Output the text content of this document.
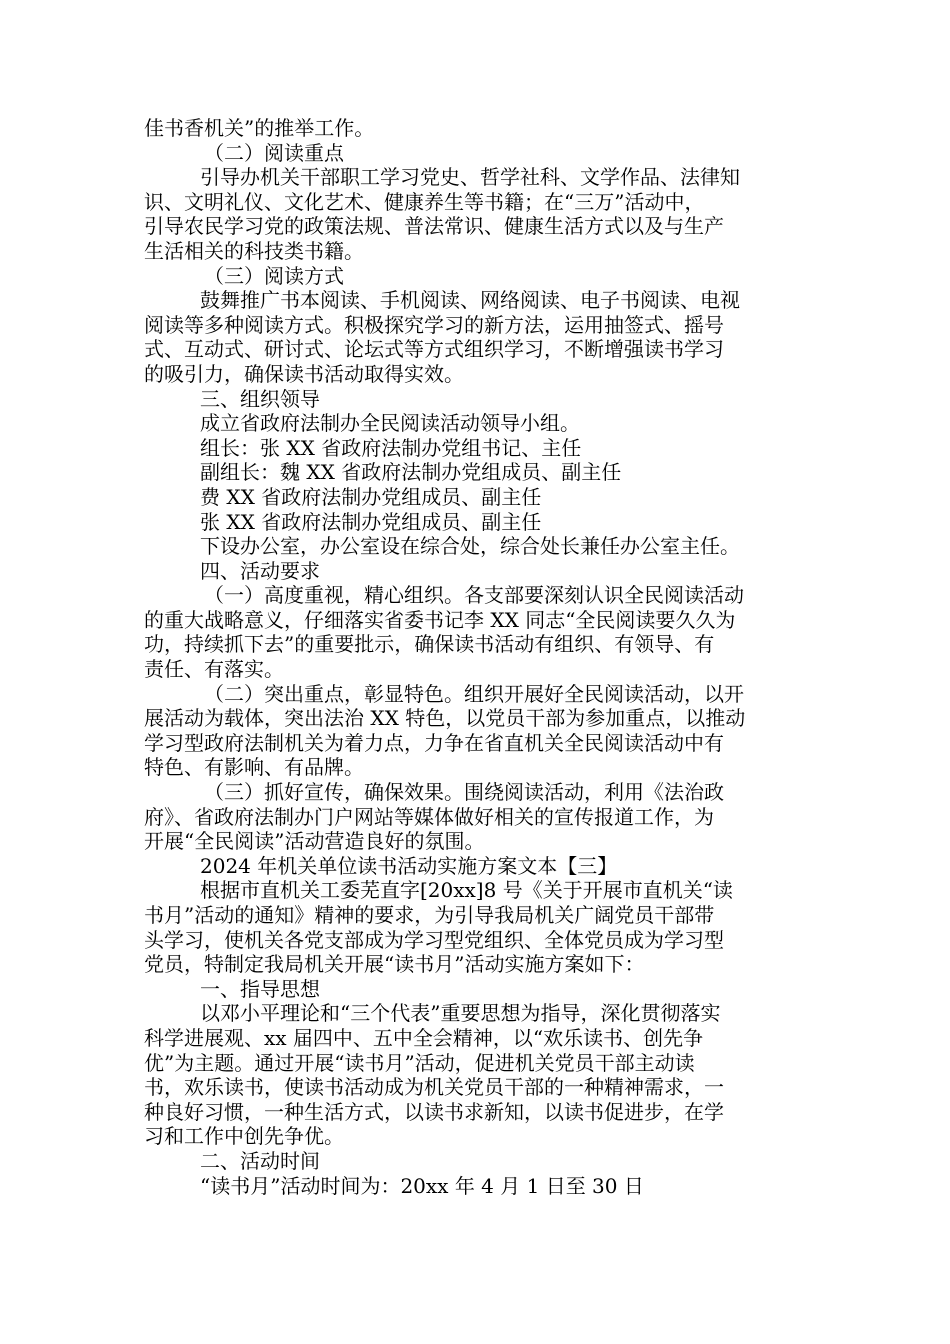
佳书香机关”的推举工作。
（二）阅读重点
引导办机关干部职工学习党史、哲学社科、文学作品、法律知
识、文明礼仪、文化艺术、健康养生等书籍；在“三万”活动中，
引导农民学习党的政策法规、普法常识、健康生活方式以及与生产
生活相关的科技类书籍。
（三）阅读方式
鼓舞推广书本阅读、手机阅读、网络阅读、电子书阅读、电视
阅读等多种阅读方式。积极探究学习的新方法，运用抽签式、摇号
式、互动式、研讨式、论坛式等方式组织学习，不断增强读书学习
的吸引力，确保读书活动取得实效。
三、组织领导
成立省政府法制办全民阅读活动领导小组。
组长：张 XX 省政府法制办党组书记、主任
副组长：魏 XX 省政府法制办党组成员、副主任
费 XX 省政府法制办党组成员、副主任
张 XX 省政府法制办党组成员、副主任
下设办公室，办公室设在综合处，综合处长兼任办公室主任。
四、活动要求
（一）高度重视，精心组织。各支部要深刻认识全民阅读活动
的重大战略意义，仔细落实省委书记李 XX 同志“全民阅读要久久为
功，持续抓下去”的重要批示，确保读书活动有组织、有领导、有
责任、有落实。
（二）突出重点，彰显特色。组织开展好全民阅读活动，以开
展活动为载体，突出法治 XX 特色，以党员干部为参加重点，以推动
学习型政府法制机关为着力点，力争在省直机关全民阅读活动中有
特色、有影响、有品牌。
（三）抓好宣传，确保效果。围绕阅读活动，利用《法治政
府》、省政府法制办门户网站等媒体做好相关的宣传报道工作，为
开展“全民阅读”活动营造良好的氛围。
2024 年机关单位读书活动实施方案文本【三】
根据市直机关工委芜直字[20xx]8 号《关于开展市直机关“读
书月”活动的通知》精神的要求，为引导我局机关广阔党员干部带
头学习，使机关各党支部成为学习型党组织、全体党员成为学习型
党员，特制定我局机关开展“读书月”活动实施方案如下：
一、指导思想
以邓小平理论和“三个代表”重要思想为指导，深化贯彻落实
科学进展观、xx 届四中、五中全会精神，以“欢乐读书、创先争
优”为主题。通过开展“读书月”活动，促进机关党员干部主动读
书，欢乐读书，使读书活动成为机关党员干部的一种精神需求，一
种良好习惯，一种生活方式，以读书求新知，以读书促进步，在学
习和工作中创先争优。
二、活动时间
“读书月”活动时间为：20xx 年 4 月 1 日至 30 日
